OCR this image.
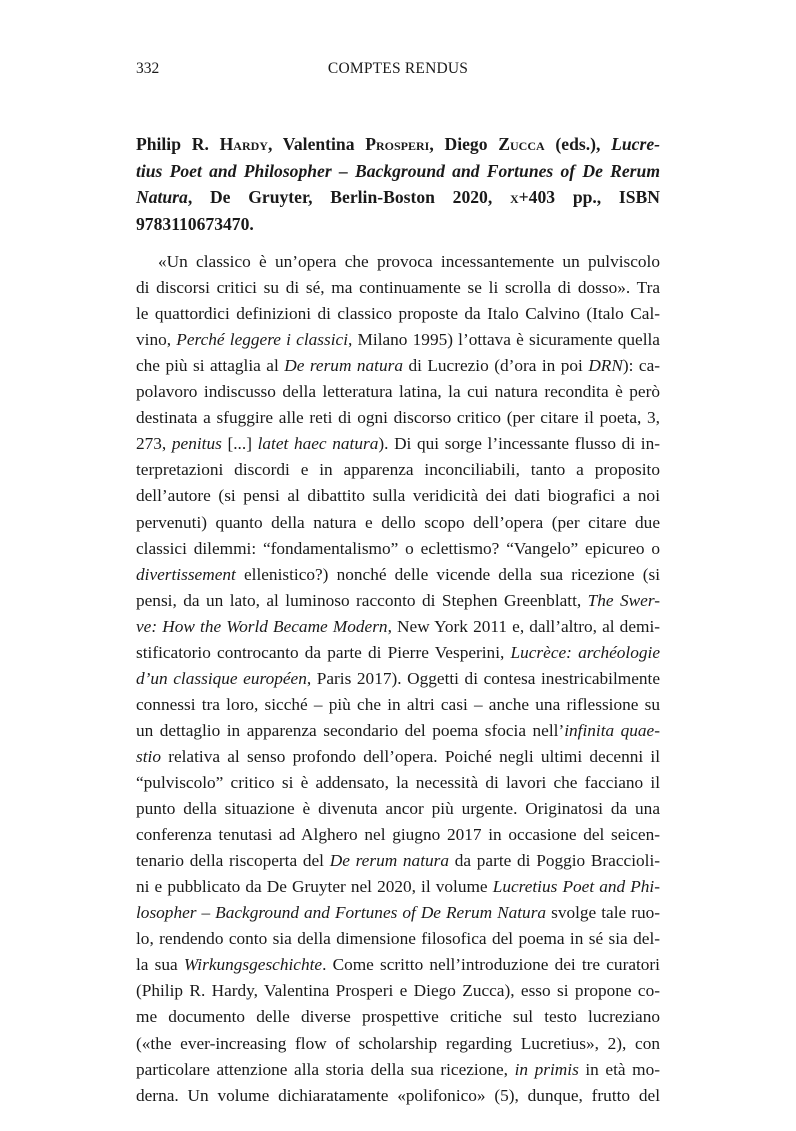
332	COMPTES RENDUS
Philip R. Hardy, Valentina Prosperi, Diego Zucca (eds.), Lucre-
tius Poet and Philosopher – Background and Fortunes of De Rerum
Natura, De Gruyter, Berlin-Boston 2020, x+403 pp., ISBN
9783110673470.
«Un classico è un’opera che provoca incessantemente un pulviscolo
di discorsi critici su di sé, ma continuamente se li scrolla di dosso». Tra
le quattordici definizioni di classico proposte da Italo Calvino (Italo Cal-
vino, Perché leggere i classici, Milano 1995) l’ottava è sicuramente quella
che più si attaglia al De rerum natura di Lucrezio (d’ora in poi DRN): ca-
polavoro indiscusso della letteratura latina, la cui natura recondita è però
destinata a sfuggire alle reti di ogni discorso critico (per citare il poeta, 3,
273, penitus [...] latet haec natura). Di qui sorge l’incessante flusso di in-
terpretazioni discordi e in apparenza inconciliabili, tanto a proposito
dell’autore (si pensi al dibattito sulla veridicità dei dati biografici a noi
pervenuti) quanto della natura e dello scopo dell’opera (per citare due
classici dilemmi: “fondamentalismo” o eclettismo? “Vangelo” epicureo o
divertissement ellenistico?) nonché delle vicende della sua ricezione (si
pensi, da un lato, al luminoso racconto di Stephen Greenblatt, The Swer-
ve: How the World Became Modern, New York 2011 e, dall’altro, al demi-
stificatorio controcanto da parte di Pierre Vesperini, Lucrèce: archéologie
d’un classique européen, Paris 2017). Oggetti di contesa inestricabilmente
connessi tra loro, sicché – più che in altri casi – anche una riflessione su
un dettaglio in apparenza secondario del poema sfocia nell’infinita quae-
stio relativa al senso profondo dell’opera. Poiché negli ultimi decenni il
“pulviscolo” critico si è addensato, la necessità di lavori che facciano il
punto della situazione è divenuta ancor più urgente. Originatosi da una
conferenza tenutasi ad Alghero nel giugno 2017 in occasione del seicen-
tenario della riscoperta del De rerum natura da parte di Poggio Braccioli-
ni e pubblicato da De Gruyter nel 2020, il volume Lucretius Poet and Phi-
losopher – Background and Fortunes of De Rerum Natura svolge tale ruo-
lo, rendendo conto sia della dimensione filosofica del poema in sé sia del-
la sua Wirkungsgeschichte. Come scritto nell’introduzione dei tre curatori
(Philip R. Hardy, Valentina Prosperi e Diego Zucca), esso si propone co-
me documento delle diverse prospettive critiche sul testo lucreziano
(«the ever-increasing flow of scholarship regarding Lucretius», 2), con
particolare attenzione alla storia della sua ricezione, in primis in età mo-
derna. Un volume dichiaratamente «polifonico» (5), dunque, frutto del
